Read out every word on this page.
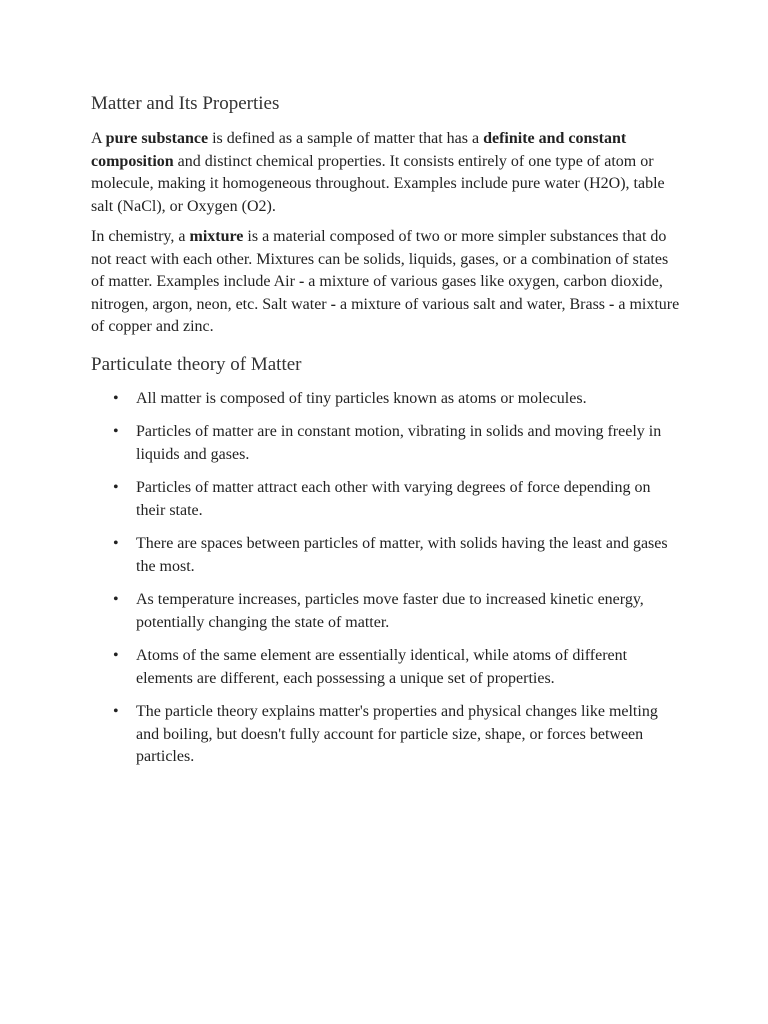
Matter and Its Properties

A pure substance is defined as a sample of matter that has a definite and constant composition and distinct chemical properties. It consists entirely of one type of atom or molecule, making it homogeneous throughout. Examples include pure water (H2O), table salt (NaCl), or Oxygen (O2).

In chemistry, a mixture is a material composed of two or more simpler substances that do not react with each other. Mixtures can be solids, liquids, gases, or a combination of states of matter. Examples include Air - a mixture of various gases like oxygen, carbon dioxide, nitrogen, argon, neon, etc. Salt water - a mixture of various salt and water, Brass - a mixture of copper and zinc.

Particulate theory of Matter
• All matter is composed of tiny particles known as atoms or molecules.
• Particles of matter are in constant motion, vibrating in solids and moving freely in liquids and gases.
• Particles of matter attract each other with varying degrees of force depending on their state.
• There are spaces between particles of matter, with solids having the least and gases the most.
• As temperature increases, particles move faster due to increased kinetic energy, potentially changing the state of matter.
• Atoms of the same element are essentially identical, while atoms of different elements are different, each possessing a unique set of properties.
• The particle theory explains matter's properties and physical changes like melting and boiling, but doesn't fully account for particle size, shape, or forces between particles.
